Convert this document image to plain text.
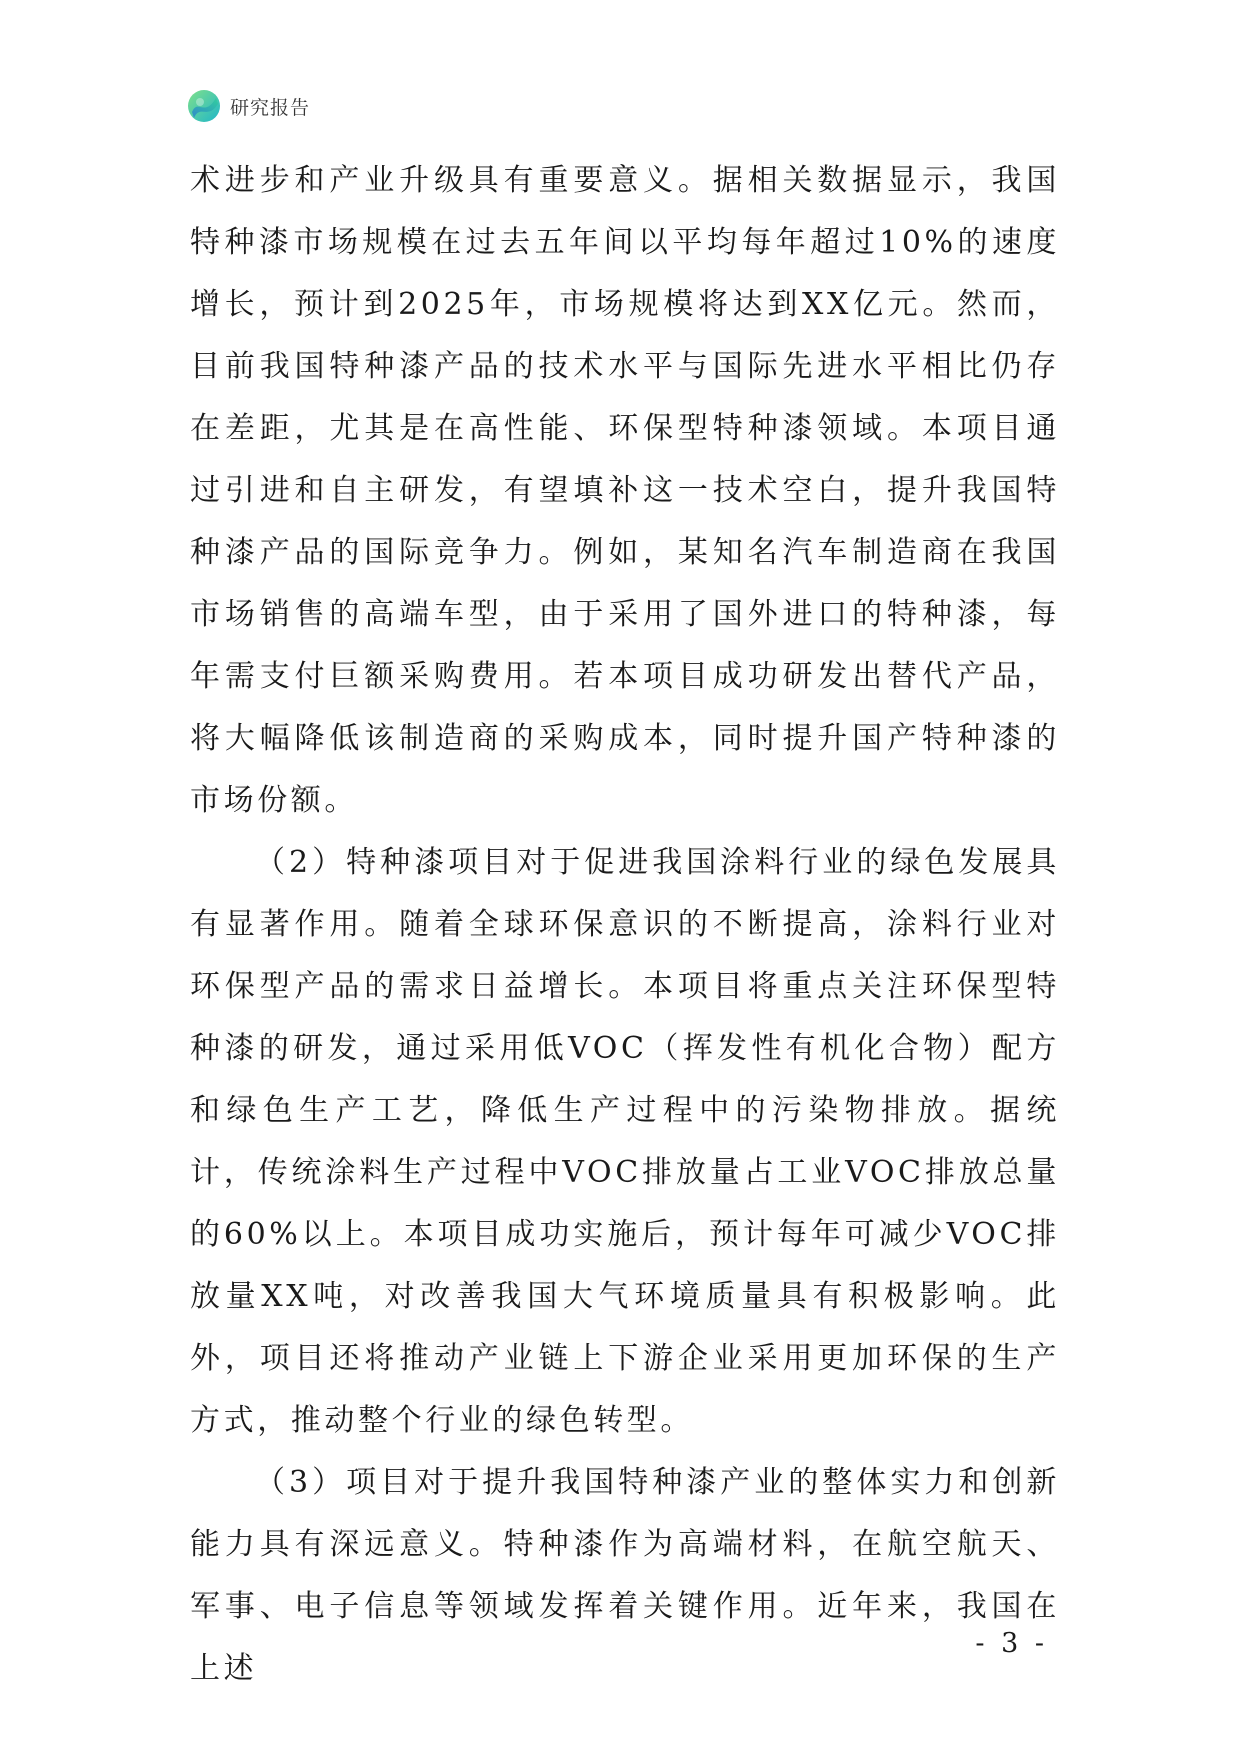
研究报告

术进步和产业升级具有重要意义。据相关数据显示，我国特种漆市场规模在过去五年间以平均每年超过10%的速度增长，预计到2025年，市场规模将达到XX亿元。然而，目前我国特种漆产品的技术水平与国际先进水平相比仍存在差距，尤其是在高性能、环保型特种漆领域。本项目通过引进和自主研发，有望填补这一技术空白，提升我国特种漆产品的国际竞争力。例如，某知名汽车制造商在我国市场销售的高端车型，由于采用了国外进口的特种漆，每年需支付巨额采购费用。若本项目成功研发出替代产品，将大幅降低该制造商的采购成本，同时提升国产特种漆的市场份额。

（2）特种漆项目对于促进我国涂料行业的绿色发展具有显著作用。随着全球环保意识的不断提高，涂料行业对环保型产品的需求日益增长。本项目将重点关注环保型特种漆的研发，通过采用低VOC（挥发性有机化合物）配方和绿色生产工艺，降低生产过程中的污染物排放。据统计，传统涂料生产过程中VOC排放量占工业VOC排放总量的60%以上。本项目成功实施后，预计每年可减少VOC排放量XX吨，对改善我国大气环境质量具有积极影响。此外，项目还将推动产业链上下游企业采用更加环保的生产方式，推动整个行业的绿色转型。

（3）项目对于提升我国特种漆产业的整体实力和创新能力具有深远意义。特种漆作为高端材料，在航空航天、军事、电子信息等领域发挥着关键作用。近年来，我国在上述

- 3 -
